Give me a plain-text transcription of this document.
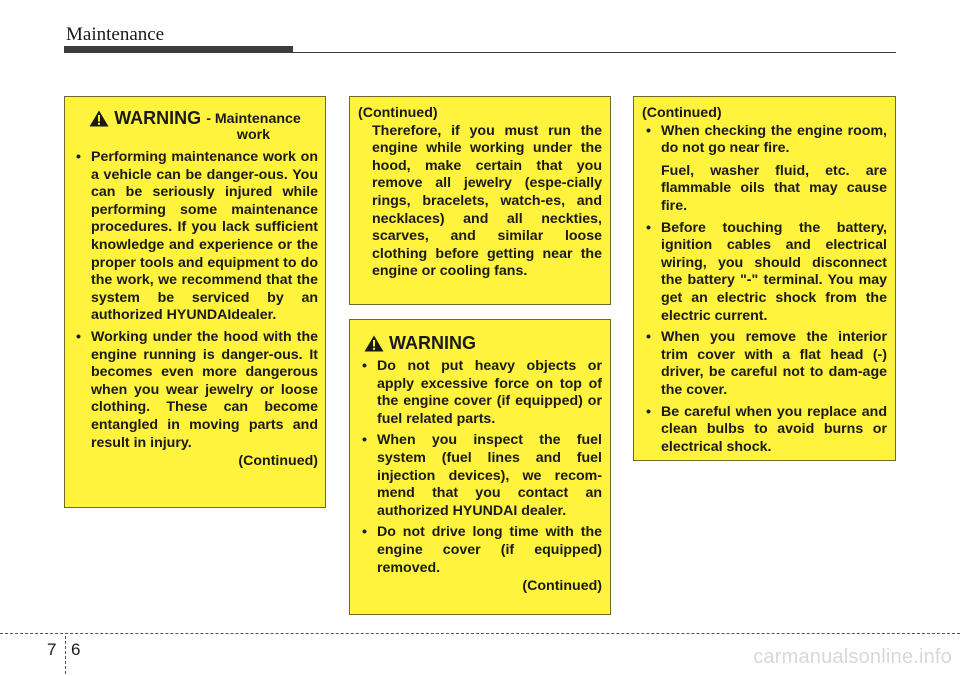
Maintenance
WARNING - Maintenance
work
• Performing maintenance work on a vehicle can be danger-ous. You can be seriously injured while performing some maintenance procedures. If you lack sufficient knowledge and experience or the proper tools and equipment to do the work, we recommend that the system be serviced by an authorized HYUNDAIdealer.
• Working under the hood with the engine running is danger-ous. It becomes even more dangerous when you wear jewelry or loose clothing. These can become entangled in moving parts and result in injury.

(Continued)

(Continued)

Therefore, if you must run the engine while working under the hood, make certain that you remove all jewelry (espe-cially rings, bracelets, watch-es, and necklaces) and all neckties, scarves, and similar loose clothing before getting near the engine or cooling fans.

WARNING
• Do not put heavy objects or apply excessive force on top of the engine cover (if equipped) or fuel related parts.
• When you inspect the fuel system (fuel lines and fuel injection devices), we recom-mend that you contact an authorized HYUNDAI dealer.
• Do not drive long time with the engine cover (if equipped) removed.

(Continued)

(Continued)

• When checking the engine room, do not go near fire.
Fuel, washer fluid, etc. are flammable oils that may cause fire.
• Before touching the battery, ignition cables and electrical wiring, you should disconnect the battery "-" terminal. You may get an electric shock from the electric current.
• When you remove the interior trim cover with a flat head (-) driver, be careful not to dam-age the cover.
• Be careful when you replace and clean bulbs to avoid burns or electrical shock.
7 6	carmanualsonline.info
